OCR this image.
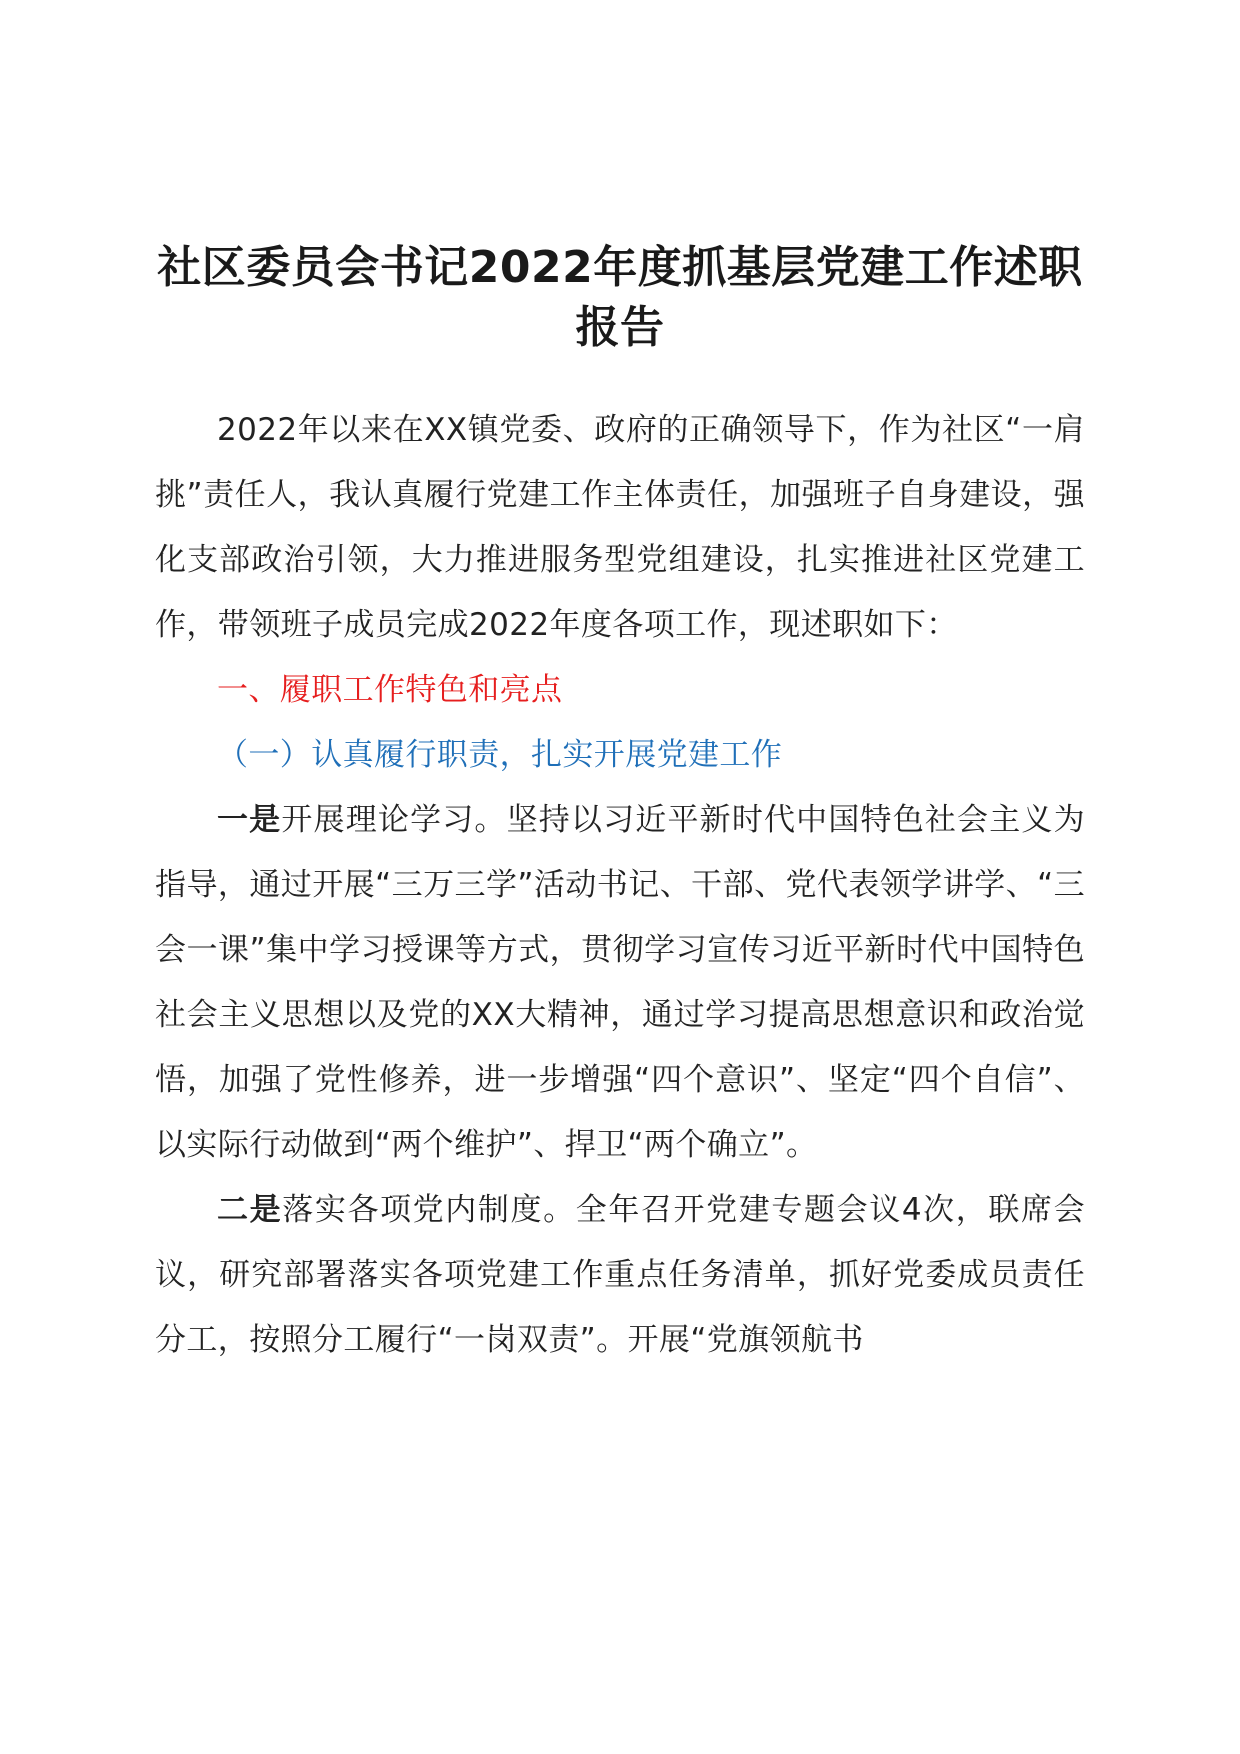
社区委员会书记2022年度抓基层党建工作述职报告

2022年以来在XX镇党委、政府的正确领导下，作为社区“一肩挑”责任人，我认真履行党建工作主体责任，加强班子自身建设，强化支部政治引领，大力推进服务型党组建设，扎实推进社区党建工作，带领班子成员完成2022年度各项工作，现述职如下：

一、履职工作特色和亮点

（一）认真履行职责，扎实开展党建工作

一是开展理论学习。坚持以习近平新时代中国特色社会主义为指导，通过开展“三万三学”活动书记、干部、党代表领学讲学、“三会一课”集中学习授课等方式，贯彻学习宣传习近平新时代中国特色社会主义思想以及党的XX大精神，通过学习提高思想意识和政治觉悟，加强了党性修养，进一步增强“四个意识”、坚定“四个自信”、以实际行动做到“两个维护”、捍卫“两个确立”。

二是落实各项党内制度。全年召开党建专题会议4次，联席会议，研究部署落实各项党建工作重点任务清单，抓好党委成员责任分工，按照分工履行“一岗双责”。开展“党旗领航书
